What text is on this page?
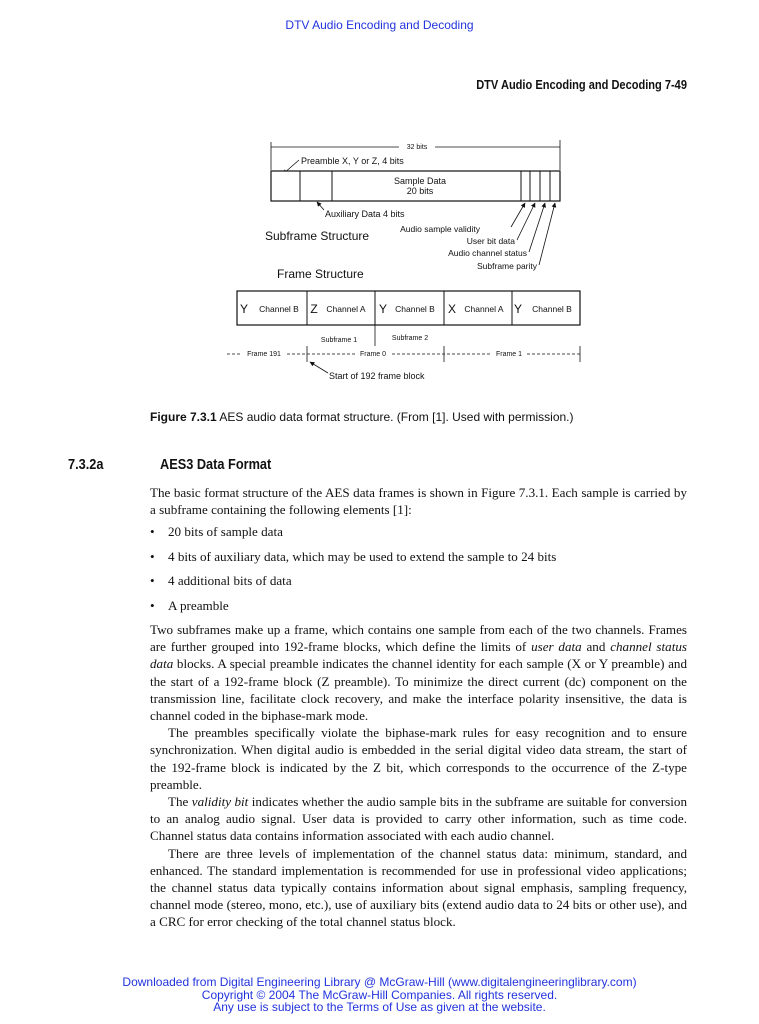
DTV Audio Encoding and Decoding
DTV Audio Encoding and Decoding 7-49
32 bits
Preamble X, Y or Z, 4 bits
Sample Data
20 bits
Auxiliary Data 4 bits
Subframe Structure	Audio sample validity
User bit data
Audio channel status
Subframe parity
Frame Structure
Y Channel B Z Channel A Y Channel B X Channel A Y Channel B
Subframe 1	Subframe 2
Frame 191	Frame 0	Frame 1
Start of 192 frame block
Figure 7.3.1 AES audio data format structure. (From [1]. Used with permission.)
7.3.2a	AES3 Data Format

The basic format structure of the AES data frames is shown in Figure 7.3.1. Each sample is carried by a subframe containing the following elements [1]:

• 20 bits of sample data
• 4 bits of auxiliary data, which may be used to extend the sample to 24 bits
• 4 additional bits of data
• A preamble

Two subframes make up a frame, which contains one sample from each of the two channels. Frames are further grouped into 192-frame blocks, which define the limits of user data and channel status data blocks. A special preamble indicates the channel identity for each sample (X or Y preamble) and the start of a 192-frame block (Z preamble). To minimize the direct current (dc) component on the transmission line, facilitate clock recovery, and make the interface polarity insensitive, the data is channel coded in the biphase-mark mode.

The preambles specifically violate the biphase-mark rules for easy recognition and to ensure synchronization. When digital audio is embedded in the serial digital video data stream, the start of the 192-frame block is indicated by the Z bit, which corresponds to the occurrence of the Z-type preamble.

The validity bit indicates whether the audio sample bits in the subframe are suitable for conversion to an analog audio signal. User data is provided to carry other information, such as time code. Channel status data contains information associated with each audio channel.

There are three levels of implementation of the channel status data: minimum, standard, and enhanced. The standard implementation is recommended for use in professional video applications; the channel status data typically contains information about signal emphasis, sampling frequency, channel mode (stereo, mono, etc.), use of auxiliary bits (extend audio data to 24 bits or other use), and a CRC for error checking of the total channel status block.

Downloaded from Digital Engineering Library @ McGraw-Hill (www.digitalengineeringlibrary.com)
Copyright © 2004 The McGraw-Hill Companies. All rights reserved.
Any use is subject to the Terms of Use as given at the website.
